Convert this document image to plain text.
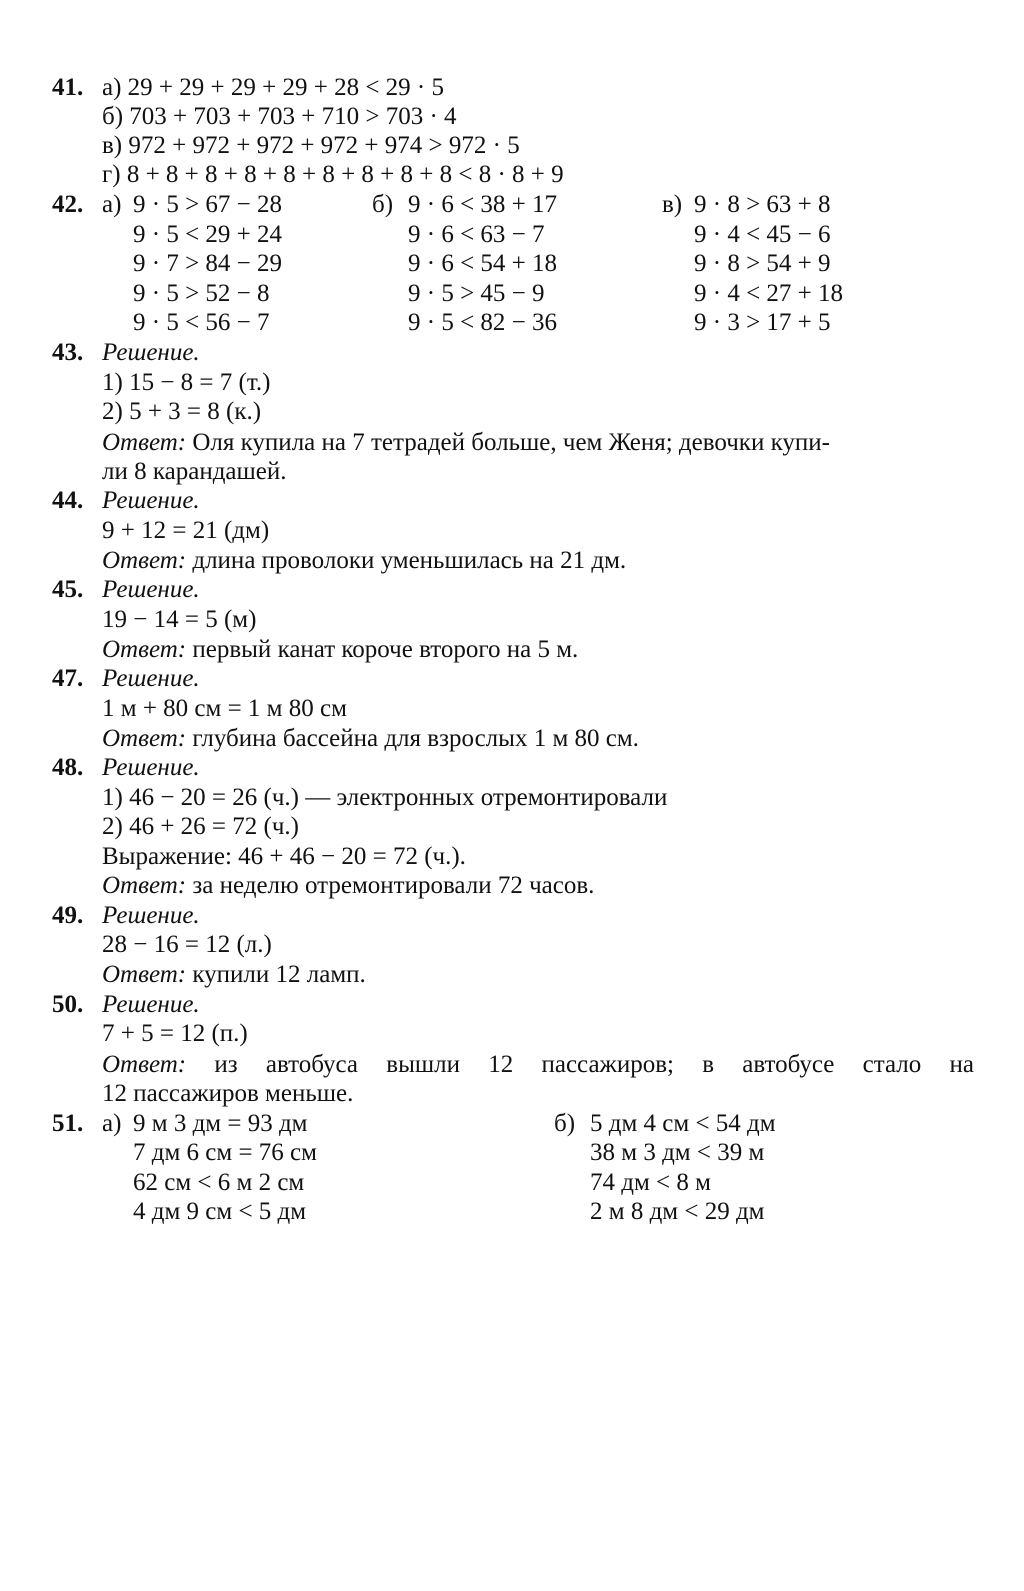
41. а) 29 + 29 + 29 + 29 + 28 < 29 · 5
б) 703 + 703 + 703 + 710 > 703 · 4
в) 972 + 972 + 972 + 972 + 974 > 972 · 5
г) 8 + 8 + 8 + 8 + 8 + 8 + 8 + 8 + 8 < 8 · 8 + 9
42. а) 9 · 5 > 67 − 28	б) 9 · 6 < 38 + 17	в) 9 · 8 > 63 + 8
9 · 5 < 29 + 24	9 · 6 < 63 − 7	9 · 4 < 45 − 6
9 · 7 > 84 − 29	9 · 6 < 54 + 18	9 · 8 > 54 + 9
9 · 5 > 52 − 8	9 · 5 > 45 − 9	9 · 4 < 27 + 18
9 · 5 < 56 − 7	9 · 5 < 82 − 36	9 · 3 > 17 + 5
43. Решение.
1) 15 − 8 = 7 (т.)
2) 5 + 3 = 8 (к.)
Ответ: Оля купила на 7 тетрадей больше, чем Женя; девочки купи-
ли 8 карандашей.
44. Решение.
9 + 12 = 21 (дм)
Ответ: длина проволоки уменьшилась на 21 дм.
45. Решение.
19 − 14 = 5 (м)
Ответ: первый канат короче второго на 5 м.
47. Решение.
1 м + 80 см = 1 м 80 см
Ответ: глубина бассейна для взрослых 1 м 80 см.
48. Решение.
1) 46 − 20 = 26 (ч.) — электронных отремонтировали
2) 46 + 26 = 72 (ч.)
Выражение: 46 + 46 − 20 = 72 (ч.).
Ответ: за неделю отремонтировали 72 часов.
49. Решение.
28 − 16 = 12 (л.)
Ответ: купили 12 ламп.
50. Решение.
7 + 5 = 12 (п.)
Ответ: из автобуса вышли 12 пассажиров; в автобусе стало на
12 пассажиров меньше.
51. а) 9 м 3 дм = 93 дм	б) 5 дм 4 см < 54 дм
7 дм 6 см = 76 см	38 м 3 дм < 39 м
62 см < 6 м 2 см	74 дм < 8 м
4 дм 9 см < 5 дм	2 м 8 дм < 29 дм
